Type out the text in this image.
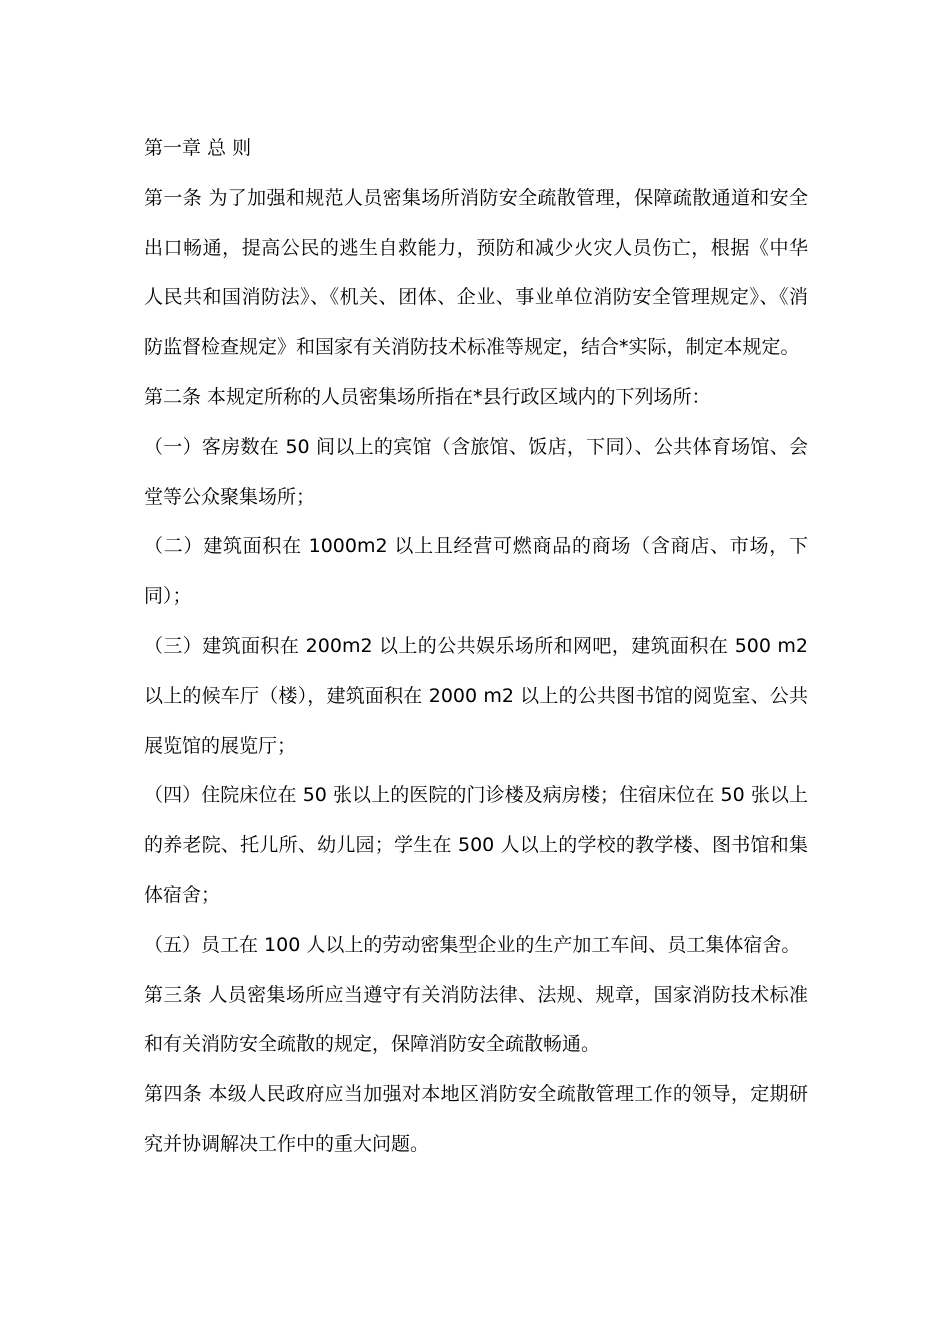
第一章 总 则

第一条 为了加强和规范人员密集场所消防安全疏散管理，保障疏散通道和安全出口畅通，提高公民的逃生自救能力，预防和减少火灾人员伤亡，根据《中华人民共和国消防法》、《机关、团体、企业、事业单位消防安全管理规定》、《消防监督检查规定》和国家有关消防技术标准等规定，结合*实际，制定本规定。

第二条 本规定所称的人员密集场所指在*县行政区域内的下列场所：

（一）客房数在 50 间以上的宾馆（含旅馆、饭店，下同）、公共体育场馆、会堂等公众聚集场所；

（二）建筑面积在 1000m2 以上且经营可燃商品的商场（含商店、市场，下同）；

（三）建筑面积在 200m2 以上的公共娱乐场所和网吧，建筑面积在 500 m2 以上的候车厅（楼），建筑面积在 2000 m2 以上的公共图书馆的阅览室、公共展览馆的展览厅；

（四）住院床位在 50 张以上的医院的门诊楼及病房楼；住宿床位在 50 张以上的养老院、托儿所、幼儿园；学生在 500 人以上的学校的教学楼、图书馆和集体宿舍；

（五）员工在 100 人以上的劳动密集型企业的生产加工车间、员工集体宿舍。

第三条 人员密集场所应当遵守有关消防法律、法规、规章，国家消防技术标准和有关消防安全疏散的规定，保障消防安全疏散畅通。

第四条 本级人民政府应当加强对本地区消防安全疏散管理工作的领导，定期研究并协调解决工作中的重大问题。
